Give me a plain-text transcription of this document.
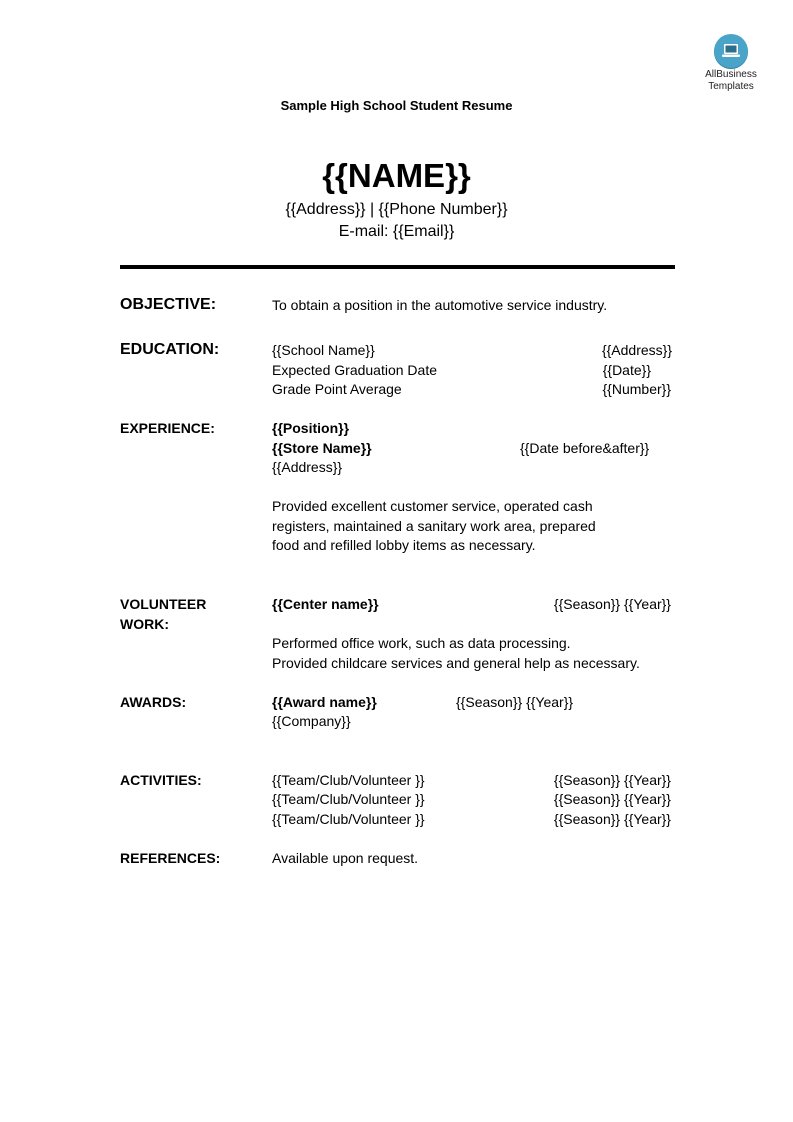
AllBusiness
Templates
Sample High School Student Resume
{{NAME}}
{{Address}} | {{Phone Number}}
E-mail: {{Email}}
OBJECTIVE:	To obtain a position in the automotive service industry.
EDUCATION:	{{School Name}}	{{Address}}
Expected Graduation Date	{{Date}}
Grade Point Average	{{Number}}
EXPERIENCE:	{{Position}}
{{Store Name}}	{{Date before&after}}
{{Address}}
Provided excellent customer service, operated cash
registers, maintained a sanitary work area, prepared
food and refilled lobby items as necessary.
VOLUNTEER
WORK:
{{Center name}}	{{Season}} {{Year}}
Performed office work, such as data processing.
Provided childcare services and general help as necessary.
AWARDS:	{{Award name}}	{{Season}} {{Year}}
{{Company}}
ACTIVITIES:	{{Team/Club/Volunteer }}	{{Season}} {{Year}}
{{Team/Club/Volunteer }}	{{Season}} {{Year}}
{{Team/Club/Volunteer }}	{{Season}} {{Year}}
REFERENCES:	Available upon request.
